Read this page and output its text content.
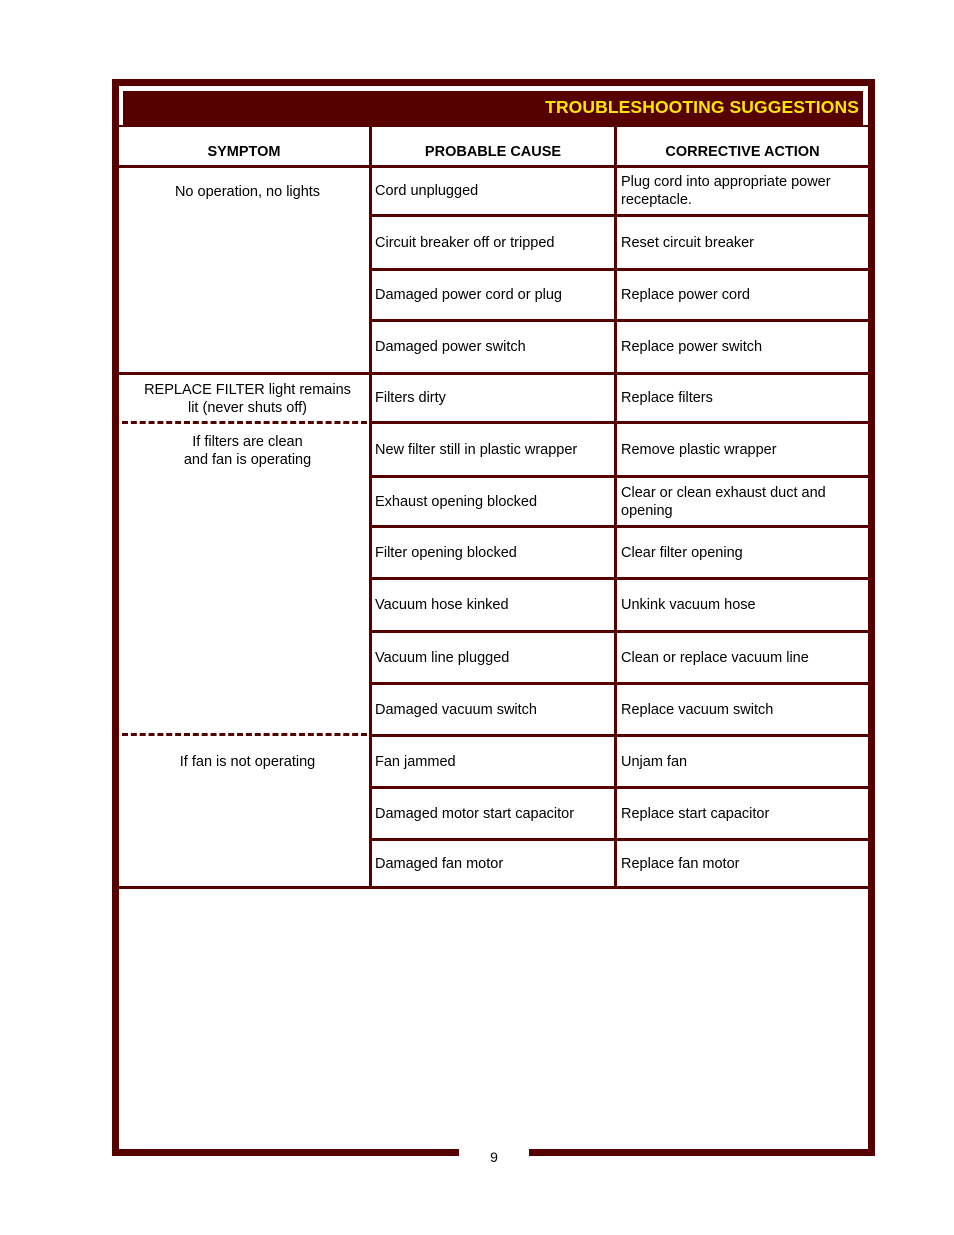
TROUBLESHOOTING SUGGESTIONS
SYMPTOM	PROBABLE CAUSE	CORRECTIVE ACTION
No operation, no lights
REPLACE FILTER light remains
lit (never shuts off)
If filters are clean
and fan is operating
If fan is not operating
Cord unplugged
Circuit breaker off or tripped
Damaged power cord or plug
Damaged power switch
Filters dirty
New filter still in plastic wrapper
Exhaust opening blocked
Filter opening blocked
Vacuum hose kinked
Vacuum line plugged
Damaged vacuum switch
Fan jammed
Damaged motor start capacitor
Damaged fan motor
Plug cord into appropriate power receptacle.
Reset circuit breaker
Replace power cord
Replace power switch
Replace filters
Remove plastic wrapper
Clear or clean exhaust duct and opening
Clear filter opening
Unkink vacuum hose
Clean or replace vacuum line
Replace vacuum switch
Unjam fan
Replace start capacitor
Replace fan motor
9
